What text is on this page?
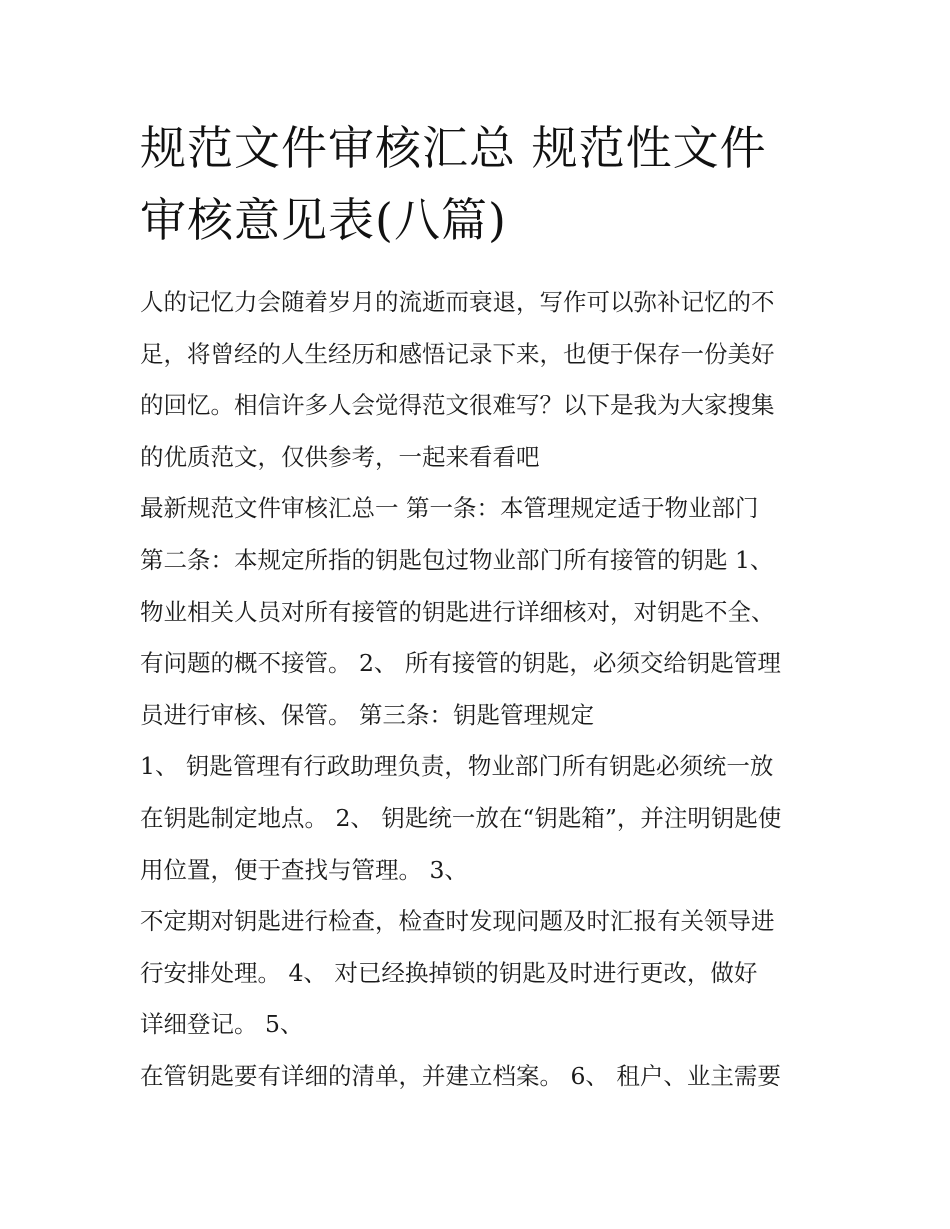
规范文件审核汇总 规范性文件
审核意见表(八篇)
人的记忆力会随着岁月的流逝而衰退，写作可以弥补记忆的不
足，将曾经的人生经历和感悟记录下来，也便于保存一份美好
的回忆。相信许多人会觉得范文很难写？以下是我为大家搜集
的优质范文，仅供参考，一起来看看吧
最新规范文件审核汇总一 第一条：本管理规定适于物业部门
第二条：本规定所指的钥匙包过物业部门所有接管的钥匙 1、
物业相关人员对所有接管的钥匙进行详细核对，对钥匙不全、
有问题的概不接管。 2、 所有接管的钥匙，必须交给钥匙管理
员进行审核、保管。 第三条：钥匙管理规定
1、 钥匙管理有行政助理负责，物业部门所有钥匙必须统一放
在钥匙制定地点。 2、 钥匙统一放在“钥匙箱”，并注明钥匙使
用位置，便于查找与管理。 3、
不定期对钥匙进行检查，检查时发现问题及时汇报有关领导进
行安排处理。 4、 对已经换掉锁的钥匙及时进行更改，做好
详细登记。 5、
在管钥匙要有详细的清单，并建立档案。 6、 租户、业主需要
